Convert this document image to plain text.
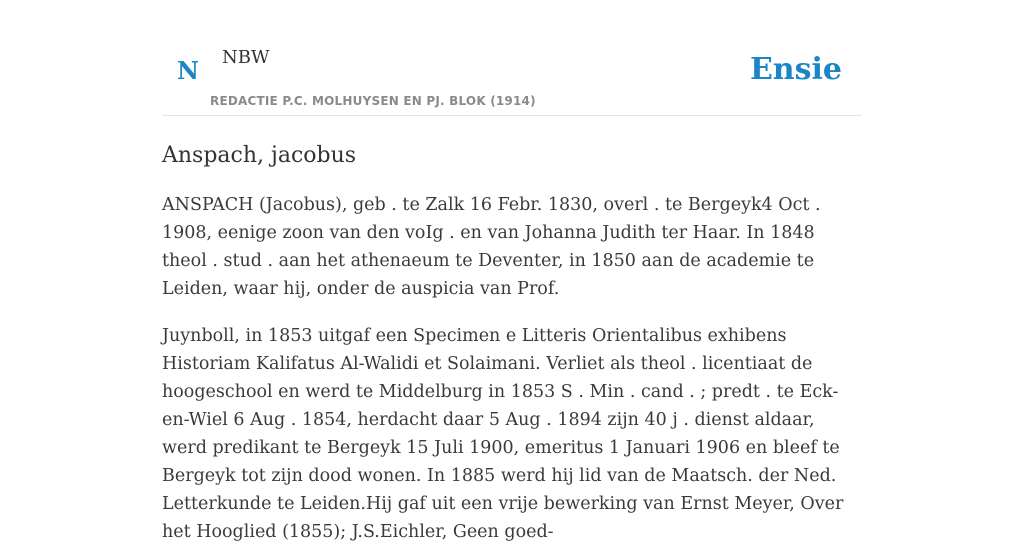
N NBW
REDACTIE P.C. MOLHUYSEN EN PJ. BLOK (1914)
Ensie
Anspach, jacobus

ANSPACH (Jacobus), geb . te Zalk 16 Febr. 1830, overl . te Bergeyk4 Oct . 1908, eenige zoon van den voIg . en van Johanna Judith ter Haar. In 1848 theol . stud . aan het athenaeum te Deventer, in 1850 aan de academie te Leiden, waar hij, onder de auspicia van Prof.

Juynboll, in 1853 uitgaf een Specimen e Litteris Orientalibus exhibens Historiam Kalifatus Al-Walidi et Solaimani. Verliet als theol . licentiaat de hoogeschool en werd te Middelburg in 1853 S . Min . cand . ; predt . te Eck-en-Wiel 6 Aug . 1854, herdacht daar 5 Aug . 1894 zijn 40 j . dienst aldaar, werd predikant te Bergeyk 15 Juli 1900, emeritus 1 Januari 1906 en bleef te Bergeyk tot zijn dood wonen. In 1885 werd hij lid van de Maatsch. der Ned. Letterkunde te Leiden.Hij gaf uit een vrije bewerking van Ernst Meyer, Over het Hooglied (1855); J.S.Eichler, Geen goed-
